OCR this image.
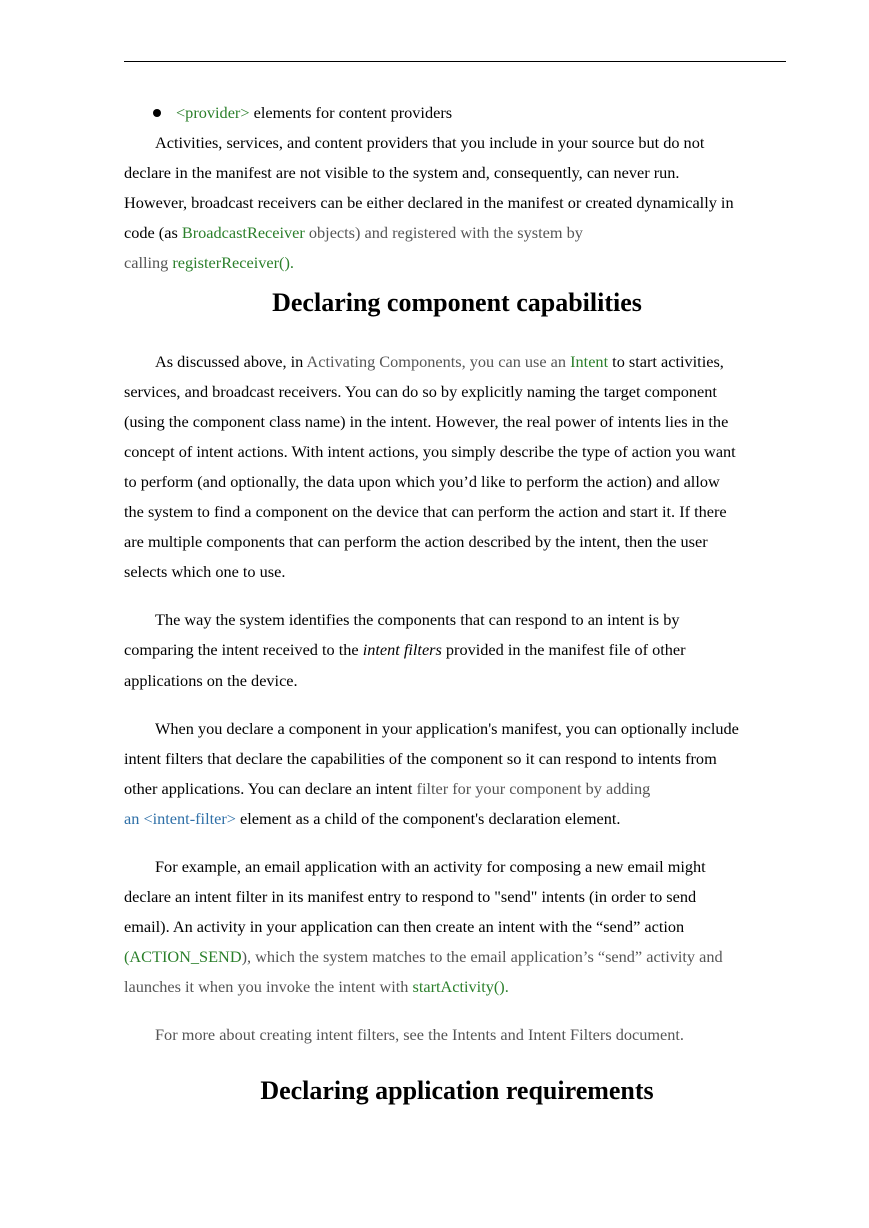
<provider> elements for content providers
Activities, services, and content providers that you include in your source but do not
declare in the manifest are not visible to the system and, consequently, can never run.
However, broadcast receivers can be either declared in the manifest or created dynamically in
code (as BroadcastReceiver objects) and registered with the system by
calling registerReceiver().
Declaring component capabilities
As discussed above, in Activating Components, you can use an Intent to start activities,
services, and broadcast receivers. You can do so by explicitly naming the target component
(using the component class name) in the intent. However, the real power of intents lies in the
concept of intent actions. With intent actions, you simply describe the type of action you want
to perform (and optionally, the data upon which you’d like to perform the action) and allow
the system to find a component on the device that can perform the action and start it. If there
are multiple components that can perform the action described by the intent, then the user
selects which one to use.
The way the system identifies the components that can respond to an intent is by
comparing the intent received to the intent filters provided in the manifest file of other
applications on the device.
When you declare a component in your application's manifest, you can optionally include
intent filters that declare the capabilities of the component so it can respond to intents from
other applications. You can declare an intent filter for your component by adding
an <intent-filter> element as a child of the component's declaration element.
For example, an email application with an activity for composing a new email might
declare an intent filter in its manifest entry to respond to "send" intents (in order to send
email). An activity in your application can then create an intent with the “send” action
(ACTION_SEND), which the system matches to the email application’s “send” activity and
launches it when you invoke the intent with startActivity().
For more about creating intent filters, see the Intents and Intent Filters document.
Declaring application requirements
